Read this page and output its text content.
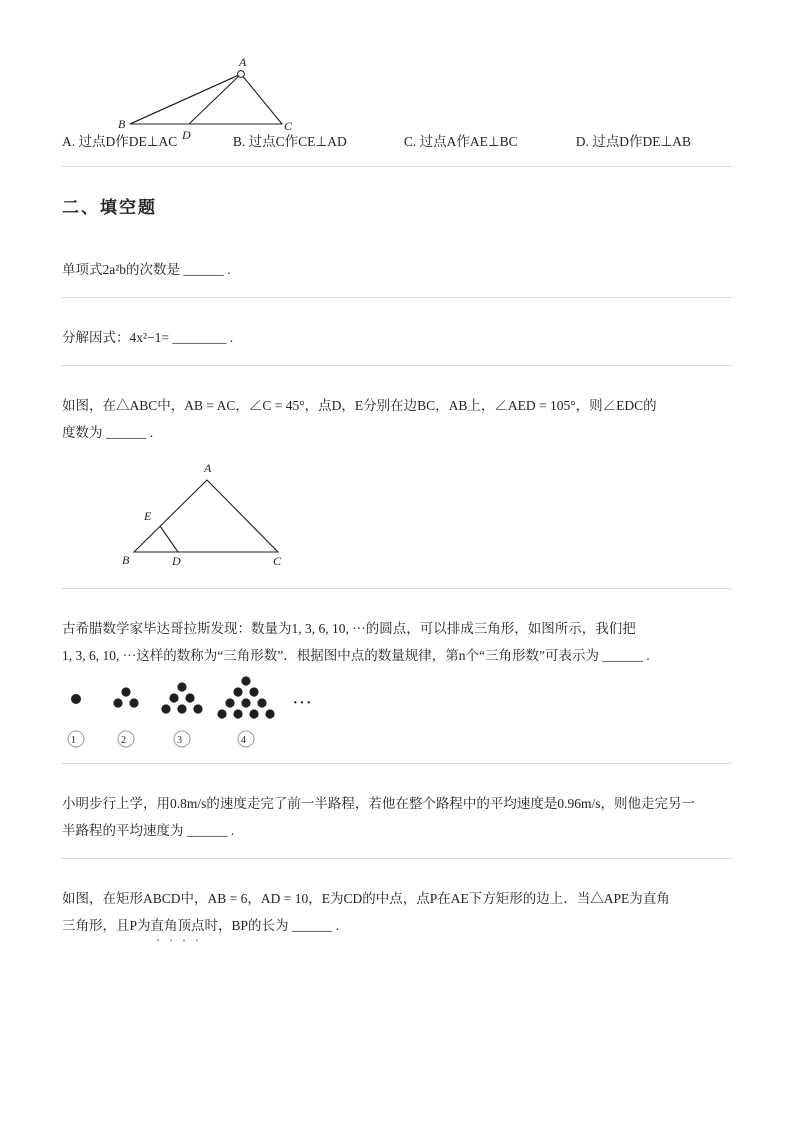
A
B
D
C
A. 过点D作DE⊥AC	B. 过点C作CE⊥AD	C. 过点A作AE⊥BC	D. 过点D作DE⊥AB
二、填空题
单项式2a²b的次数是 ______ .
分解因式：4x²−1= ________ .
如图，在△ABC中，AB = AC，∠C = 45°，点D，E分别在边BC，AB上，∠AED = 105°，则∠EDC的
度数为 ______ .
A
E
B	D	C
古希腊数学家毕达哥拉斯发现：数量为1, 3, 6, 10, ···的圆点，可以排成三角形，如图所示，我们把
1, 3, 6, 10, ···这样的数称为“三角形数”．根据图中点的数量规律，第n个“三角形数”可表示为 ______ .
···
1	2	3	4
小明步行上学，用0.8m/s的速度走完了前一半路程，若他在整个路程中的平均速度是0.96m/s，则他走完另一
半路程的平均速度为 ______ .
如图，在矩形ABCD中，AB = 6，AD = 10，E为CD的中点，点P在AE下方矩形的边上．当△APE为直角
三角形，且P为直角顶点时，BP的长为 ______ .
· · · ·
